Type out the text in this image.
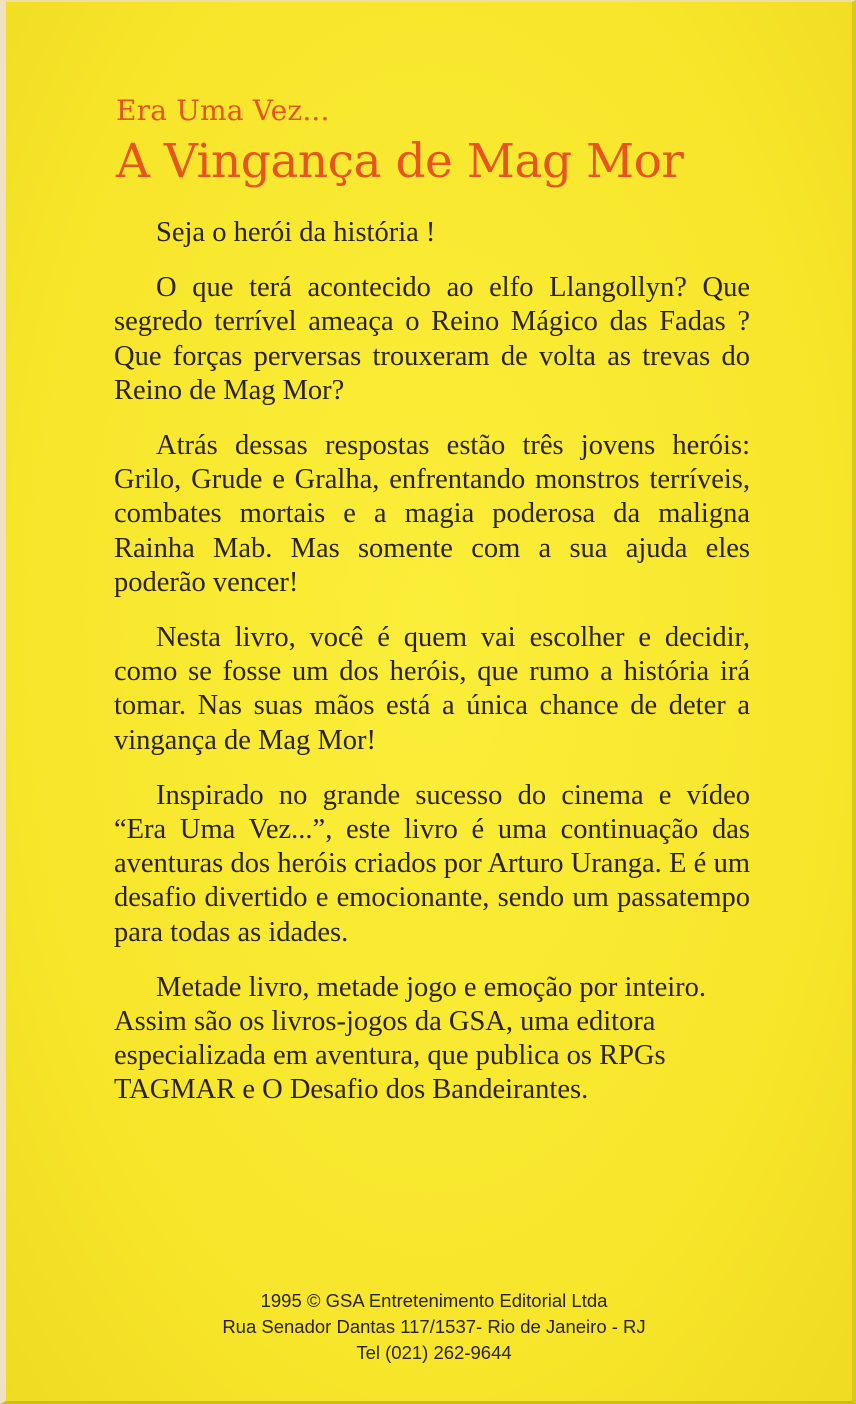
Era Uma Vez...
A Vingança de Mag Mor

Seja o herói da história !

O que terá acontecido ao elfo Llangollyn? Que segredo terrível ameaça o Reino Mágico das Fadas ? Que forças perversas trouxeram de volta as trevas do Reino de Mag Mor?

Atrás dessas respostas estão três jovens heróis: Grilo, Grude e Gralha, enfrentando monstros terríveis, combates mortais e a magia poderosa da maligna Rainha Mab. Mas somente com a sua ajuda eles poderão vencer!

Nesta livro, você é quem vai escolher e decidir, como se fosse um dos heróis, que rumo a história irá tomar. Nas suas mãos está a única chance de deter a vingança de Mag Mor!

Inspirado no grande sucesso do cinema e vídeo “Era Uma Vez...”, este livro é uma continuação das aventuras dos heróis criados por Arturo Uranga. E é um desafio divertido e emocionante, sendo um passatempo para todas as idades.

Metade livro, metade jogo e emoção por inteiro. Assim são os livros-jogos da GSA, uma editora especializada em aventura, que publica os RPGs TAGMAR e O Desafio dos Bandeirantes.

1995 © GSA Entretenimento Editorial Ltda
Rua Senador Dantas 117/1537- Rio de Janeiro - RJ
Tel (021) 262-9644
